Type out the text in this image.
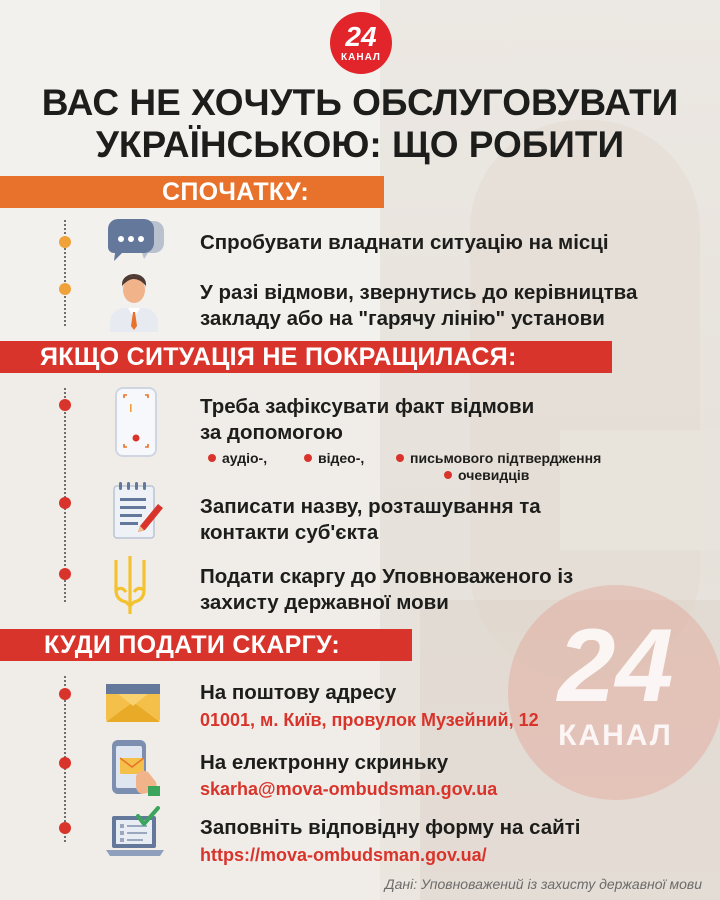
24
КАНАЛ
24
КАНАЛ
ВАС НЕ ХОЧУТЬ ОБСЛУГОВУВАТИ
УКРАЇНСЬКОЮ: ЩО РОБИТИ
СПОЧАТКУ:
Спробувати владнати ситуацію на місці
У разі відмови, звернутись до керівництва
закладу або на "гарячу лінію" установи
ЯКЩО СИТУАЦІЯ НЕ ПОКРАЩИЛАСЯ:
Треба зафіксувати факт відмови
за допомогою
аудіо-,	відео-,	письмового підтвердження
очевидців
Записати назву, розташування та
контакти суб'єкта
Подати скаргу до Уповноваженого із
захисту державної мови
КУДИ ПОДАТИ СКАРГУ:
На поштову адресу
01001, м. Київ, провулок Музейний, 12
На електронну скриньку
skarha@mova-ombudsman.gov.ua
Заповніть відповідну форму на сайті
https://mova-ombudsman.gov.ua/
Дані: Уповноважений із захисту державної мови
